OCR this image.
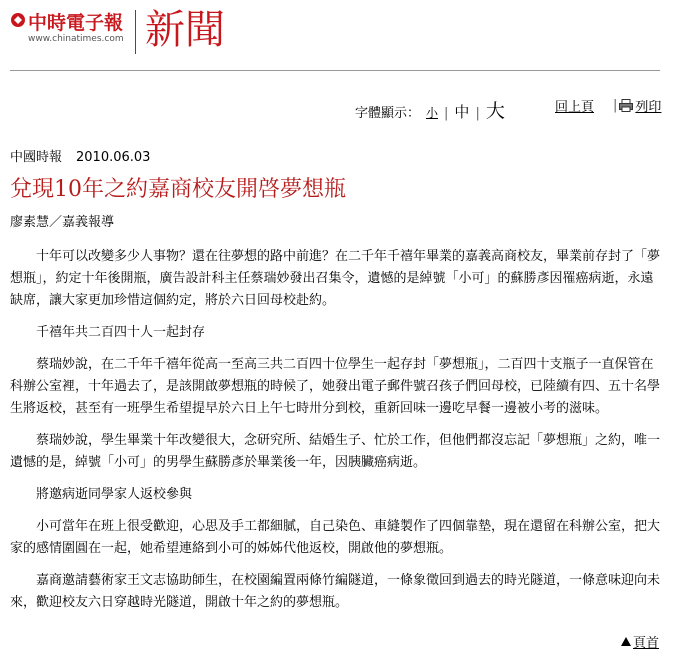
中時電子報
www.chinatimes.com 新聞
字體顯示： 小 | 中 | 大	回上頁 | 列印
中國時報 2010.06.03
兌現10年之約嘉商校友開啓夢想瓶
廖素慧／嘉義報導

十年可以改變多少人事物？還在往夢想的路中前進？在二千年千禧年畢業的嘉義高商校友，畢業前存封了「夢想瓶」，約定十年後開瓶，廣告設計科主任蔡瑞妙發出召集令，遺憾的是綽號「小可」的蘇勝彥因罹癌病逝，永遠缺席，讓大家更加珍惜這個約定，將於六日回母校赴約。

千禧年共二百四十人一起封存

蔡瑞妙說，在二千年千禧年從高一至高三共二百四十位學生一起存封「夢想瓶」，二百四十支瓶子一直保管在科辦公室裡，十年過去了，是該開啟夢想瓶的時候了，她發出電子郵件號召孩子們回母校，已陸續有四、五十名學生將返校，甚至有一班學生希望提早於六日上午七時卅分到校，重新回味一邊吃早餐一邊被小考的滋味。

蔡瑞妙說，學生畢業十年改變很大，念研究所、結婚生子、忙於工作，但他們都沒忘記「夢想瓶」之約，唯一遺憾的是，綽號「小可」的男學生蘇勝彥於畢業後一年，因胰臟癌病逝。

將邀病逝同學家人返校參與

小可當年在班上很受歡迎，心思及手工都細膩，自己染色、車縫製作了四個靠墊，現在還留在科辦公室，把大家的感情圍圓在一起，她希望連絡到小可的姊姊代他返校，開啟他的夢想瓶。

嘉商邀請藝術家王文志協助師生，在校園編置兩條竹編隧道，一條象徵回到過去的時光隧道，一條意味迎向未來，歡迎校友六日穿越時光隧道，開啟十年之約的夢想瓶。

頁首
